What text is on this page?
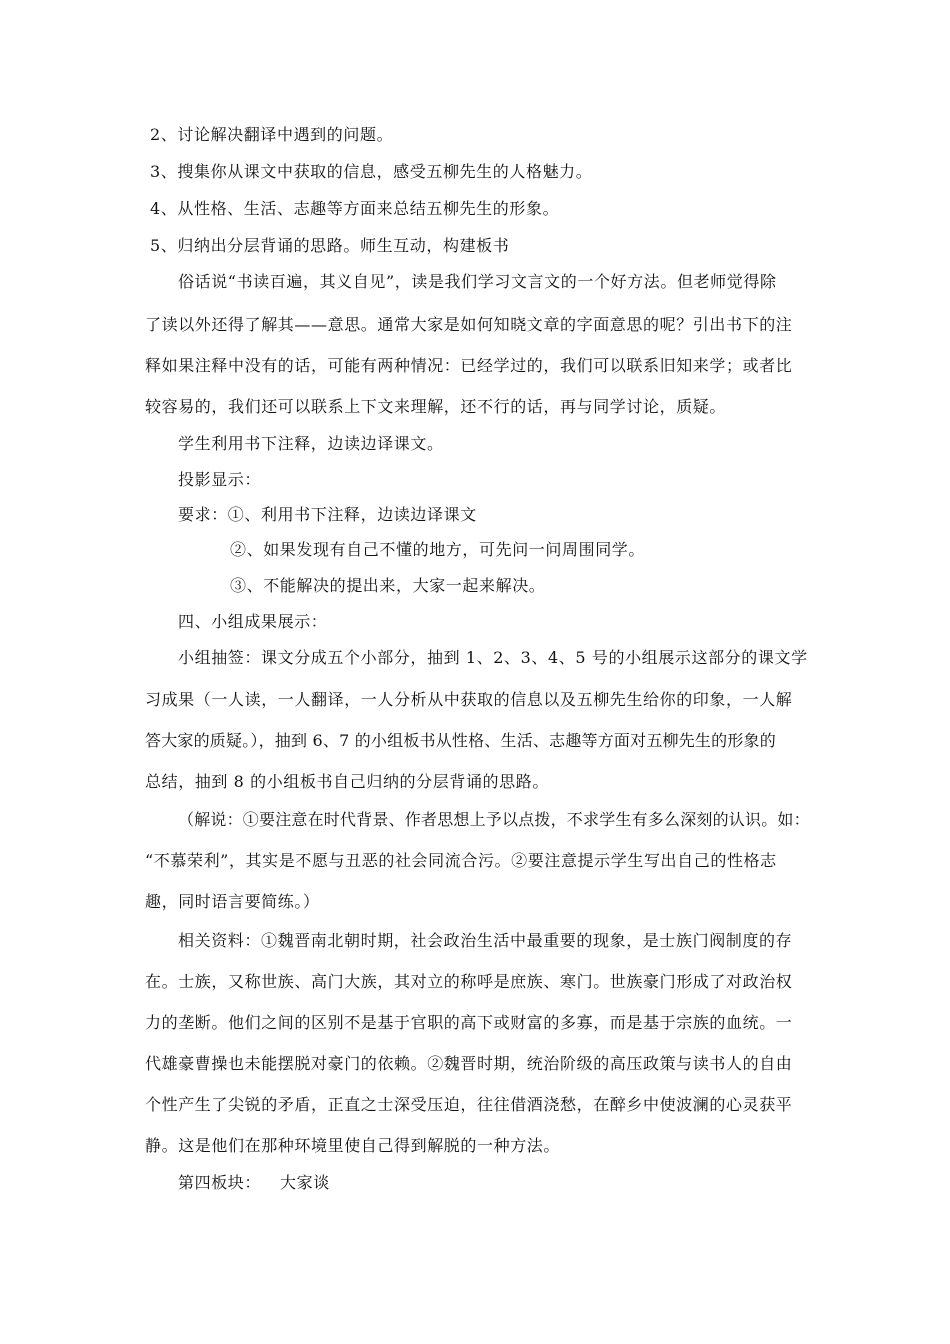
2、讨论解决翻译中遇到的问题。
3、搜集你从课文中获取的信息，感受五柳先生的人格魅力。
4、从性格、生活、志趣等方面来总结五柳先生的形象。
5、归纳出分层背诵的思路。师生互动，构建板书
俗话说“书读百遍，其义自见”，读是我们学习文言文的一个好方法。但老师觉得除
了读以外还得了解其——意思。通常大家是如何知晓文章的字面意思的呢？引出书下的注
释如果注释中没有的话，可能有两种情况：已经学过的，我们可以联系旧知来学；或者比
较容易的，我们还可以联系上下文来理解，还不行的话，再与同学讨论，质疑。
学生利用书下注释，边读边译课文。
投影显示：
要求：①、利用书下注释，边读边译课文
②、如果发现有自己不懂的地方，可先问一问周围同学。
③、不能解决的提出来，大家一起来解决。
四、小组成果展示：
小组抽签：课文分成五个小部分，抽到 1、2、3、4、5 号的小组展示这部分的课文学
习成果（一人读，一人翻译，一人分析从中获取的信息以及五柳先生给你的印象，一人解
答大家的质疑。），抽到 6、7 的小组板书从性格、生活、志趣等方面对五柳先生的形象的
总结，抽到 8 的小组板书自己归纳的分层背诵的思路。
（解说：①要注意在时代背景、作者思想上予以点拨，不求学生有多么深刻的认识。如：
“不慕荣利”，其实是不愿与丑恶的社会同流合污。②要注意提示学生写出自己的性格志
趣，同时语言要简练。）
相关资料：①魏晋南北朝时期，社会政治生活中最重要的现象，是士族门阀制度的存
在。士族，又称世族、高门大族，其对立的称呼是庶族、寒门。世族豪门形成了对政治权
力的垄断。他们之间的区别不是基于官职的高下或财富的多寡，而是基于宗族的血统。一
代雄豪曹操也未能摆脱对豪门的依赖。②魏晋时期，统治阶级的高压政策与读书人的自由
个性产生了尖锐的矛盾，正直之士深受压迫，往往借酒浇愁，在醉乡中使波澜的心灵获平
静。这是他们在那种环境里使自己得到解脱的一种方法。
第四板块： 大家谈
